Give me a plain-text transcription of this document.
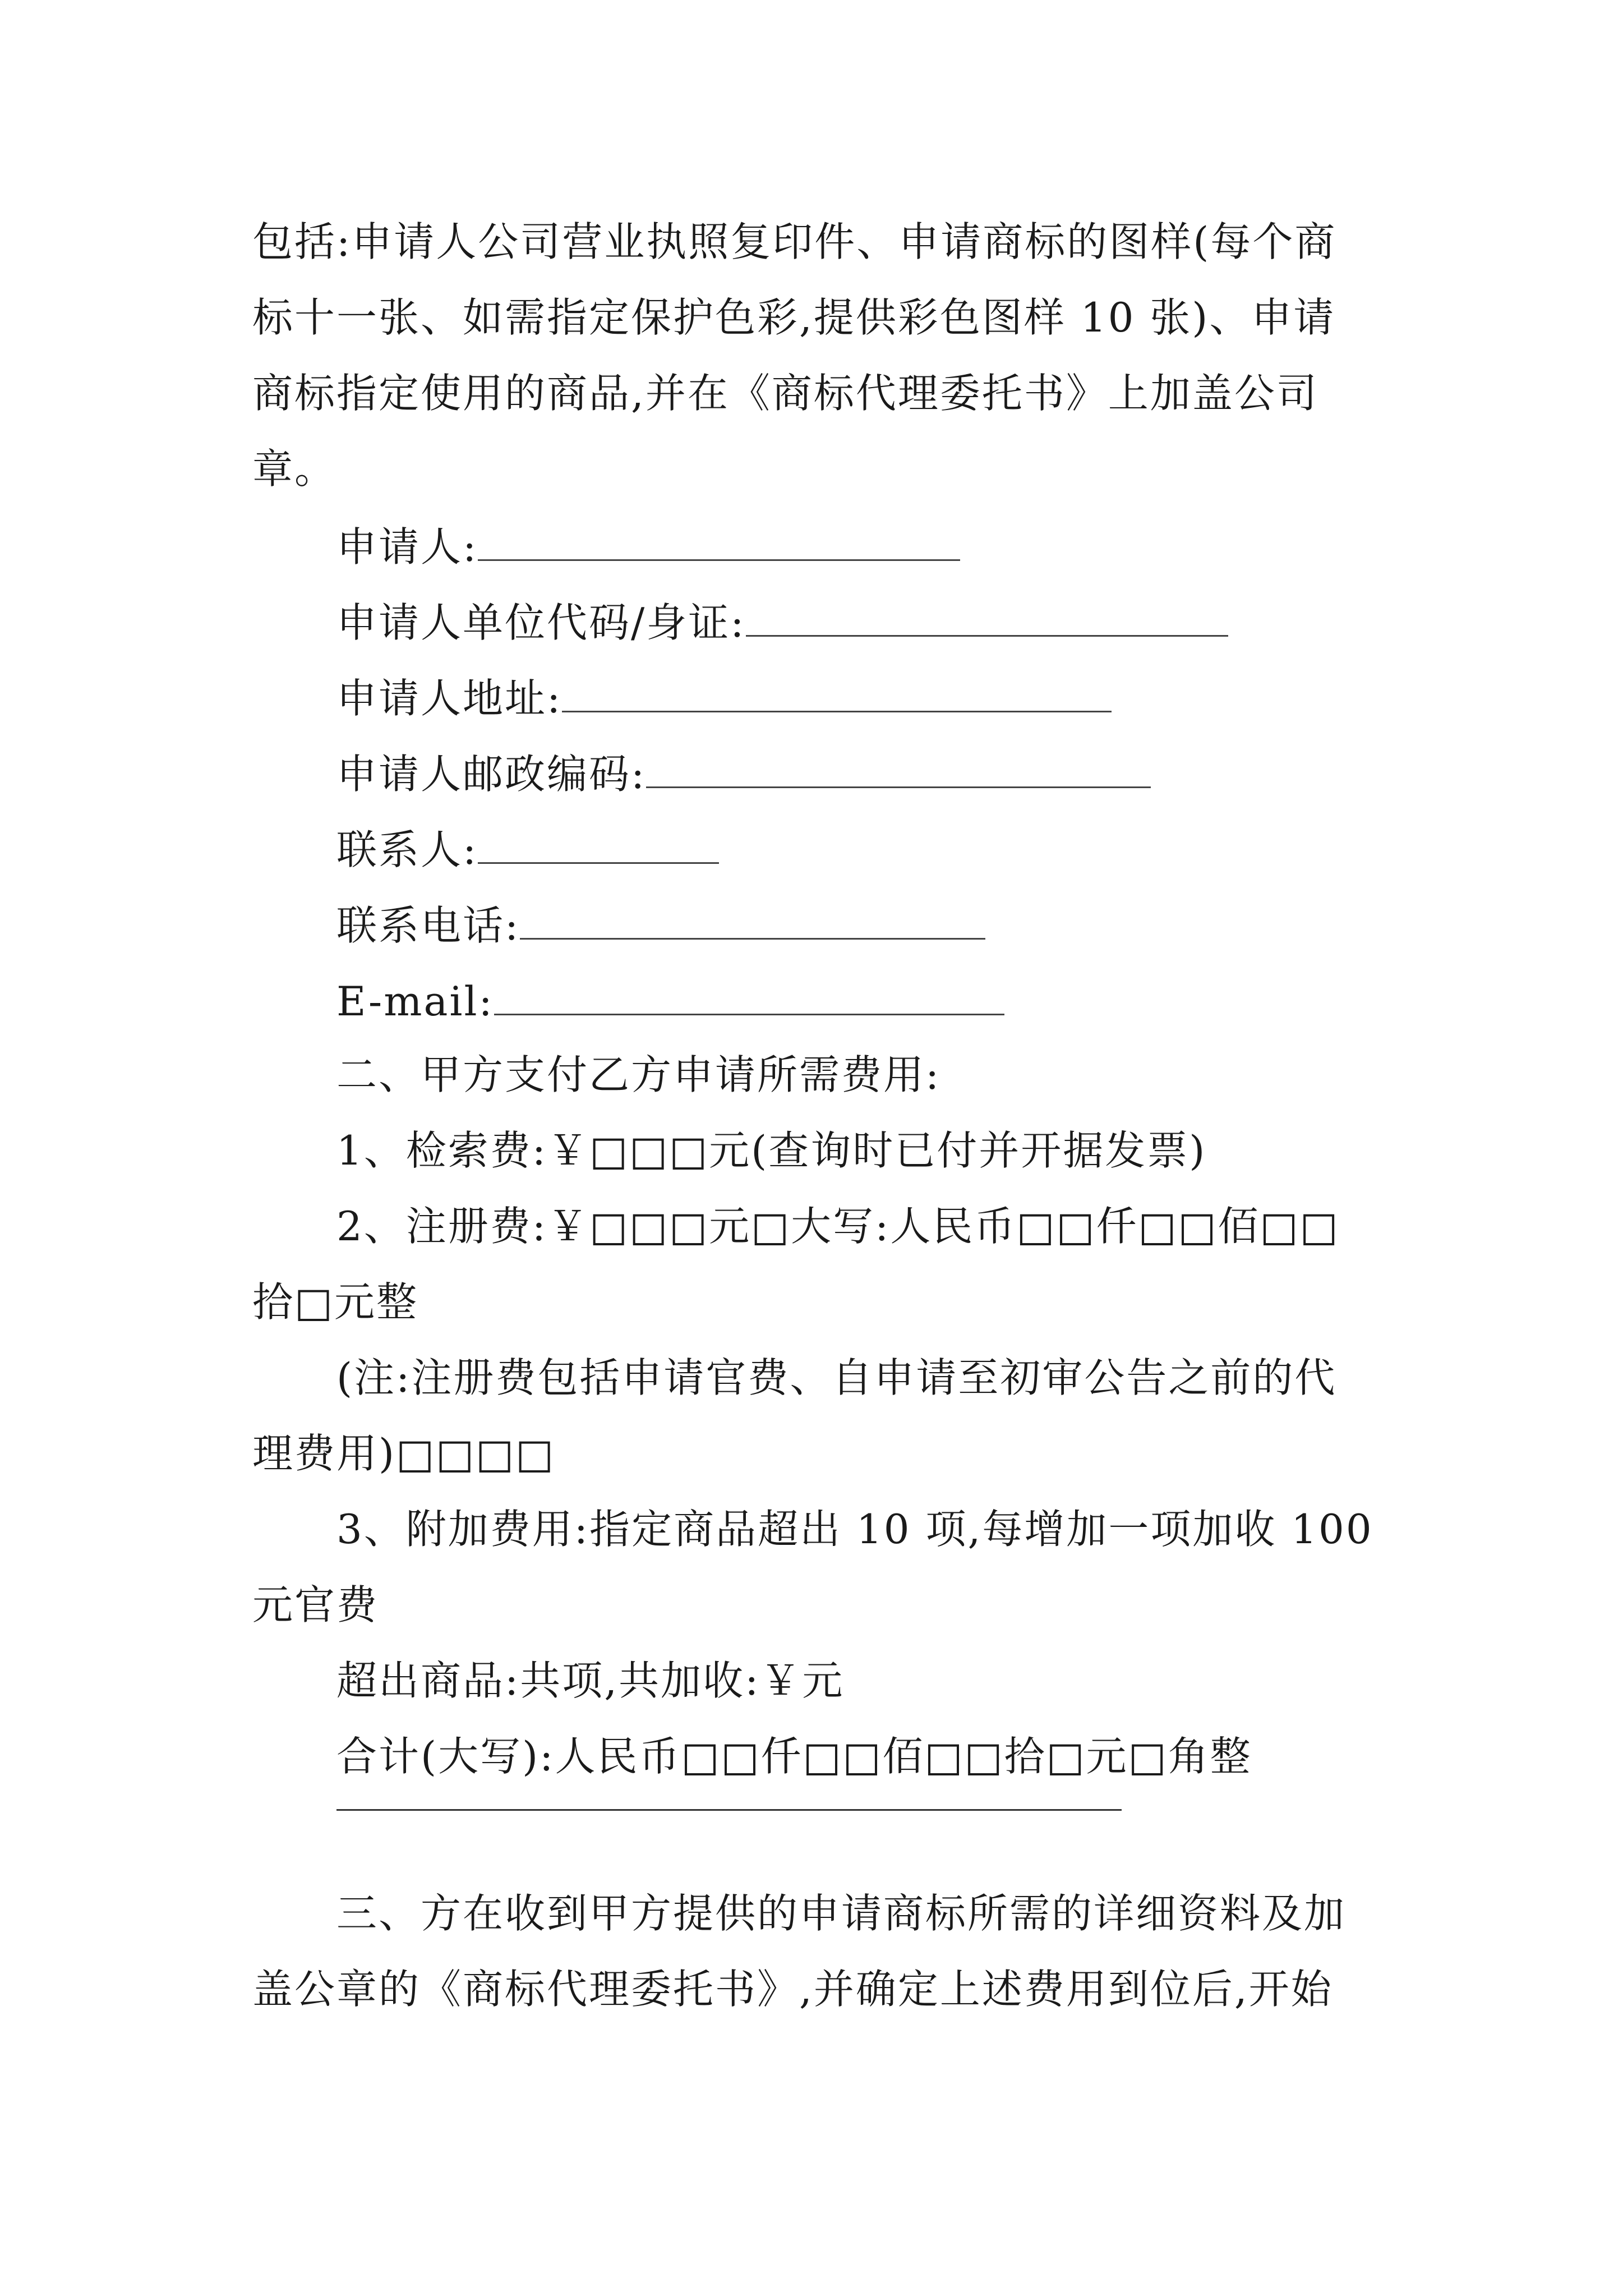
包括:申请人公司营业执照复印件、申请商标的图样(每个商
标十一张、如需指定保护色彩,提供彩色图样 10 张)、申请
商标指定使用的商品,并在《商标代理委托书》上加盖公司
章。
申请人:
申请人单位代码/身证:
申请人地址:
申请人邮政编码:
联系人:
联系电话:
E-mail:
二、甲方支付乙方申请所需费用:
1、检索费:￥□□□元(查询时已付并开据发票)
2、注册费:￥□□□元□大写:人民币□□仟□□佰□□
拾□元整
(注:注册费包括申请官费、自申请至初审公告之前的代
理费用)□□□□
3、附加费用:指定商品超出 10 项,每增加一项加收 100
元官费
超出商品:共项,共加收:￥元
合计(大写):人民币□□仟□□佰□□拾□元□角整
三、方在收到甲方提供的申请商标所需的详细资料及加
盖公章的《商标代理委托书》,并确定上述费用到位后,开始
